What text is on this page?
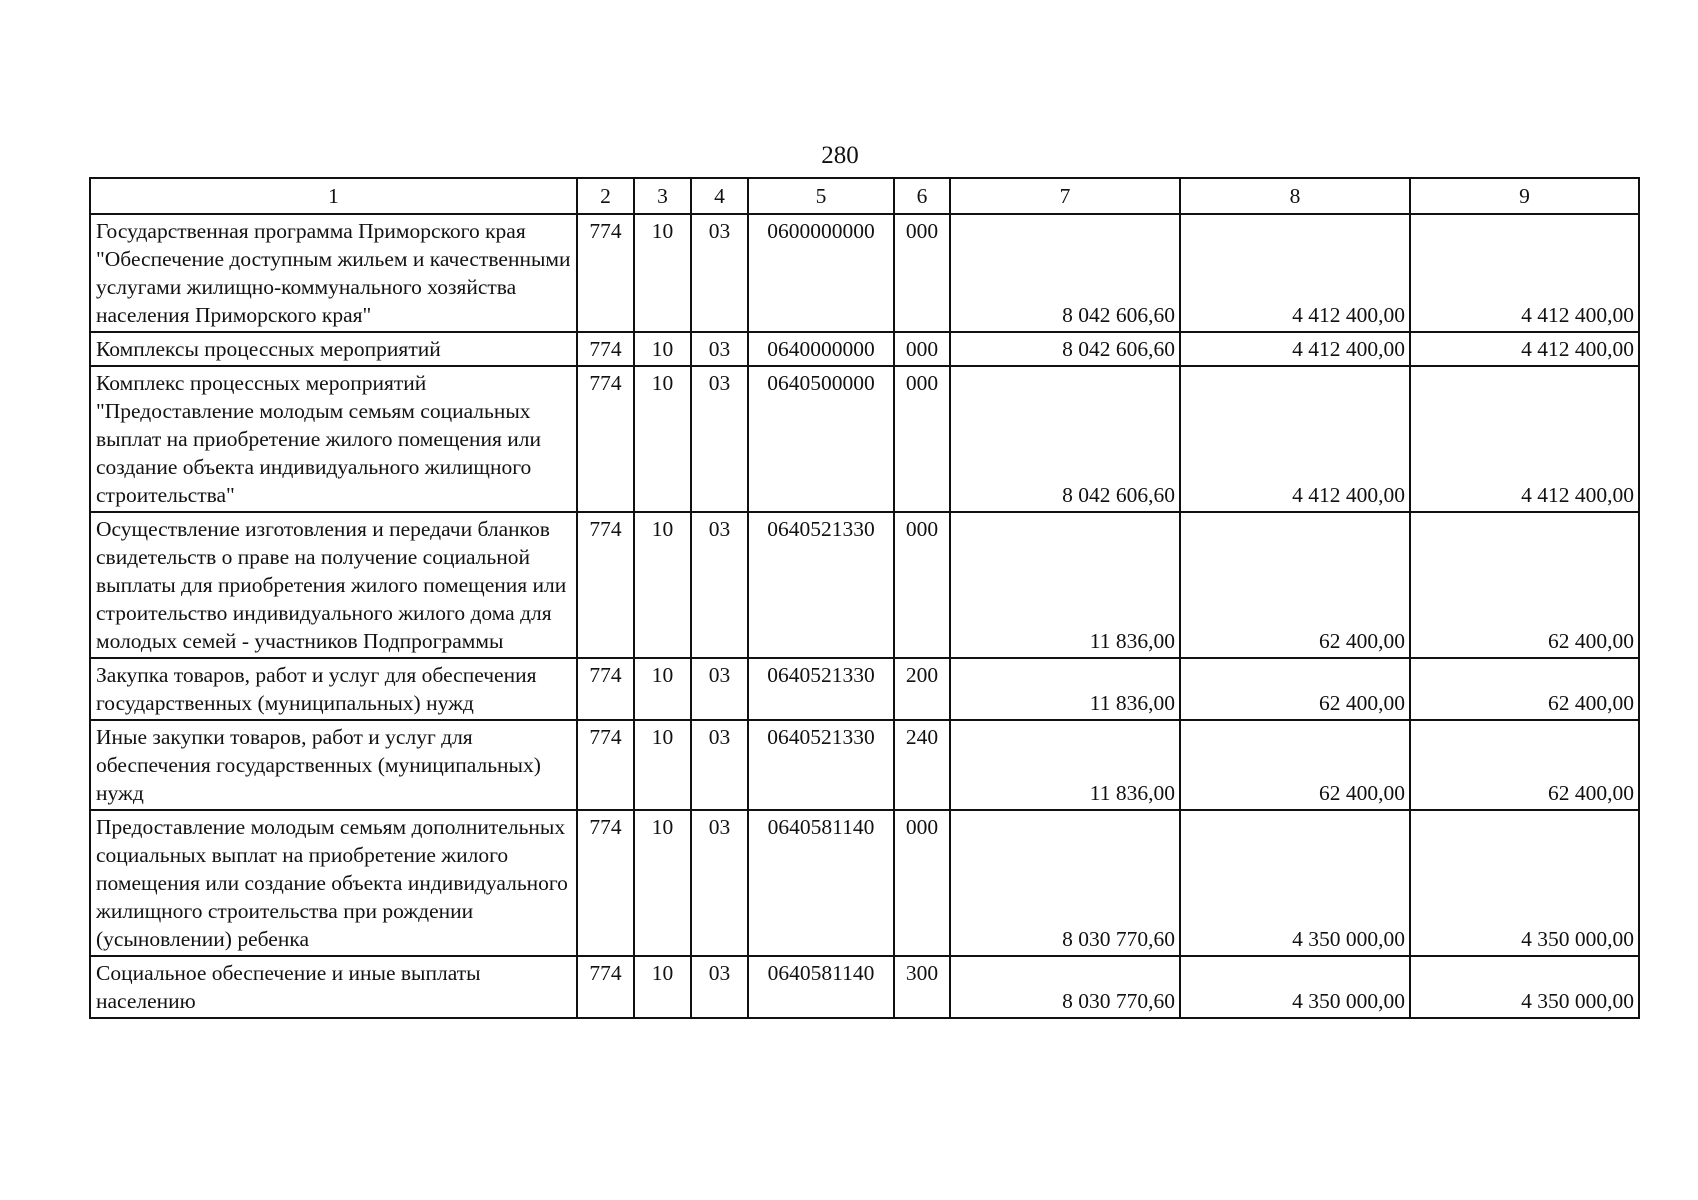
280
1	2	3	4	5	6	7	8	9
Государственная программа Приморского края "Обеспечение доступным жильем и качественными услугами жилищно-коммунального хозяйства населения Приморского края"	774	10	03	0600000000	000	8 042 606,60	4 412 400,00	4 412 400,00
Комплексы процессных мероприятий	774	10	03	0640000000	000	8 042 606,60	4 412 400,00	4 412 400,00
Комплекс процессных мероприятий "Предоставление молодым семьям социальных выплат на приобретение жилого помещения или создание объекта индивидуального жилищного строительства"	774	10	03	0640500000	000	8 042 606,60	4 412 400,00	4 412 400,00
Осуществление изготовления и передачи бланков свидетельств о праве на получение социальной выплаты для приобретения жилого помещения или строительство индивидуального жилого дома для молодых семей - участников Подпрограммы	774	10	03	0640521330	000	11 836,00	62 400,00	62 400,00
Закупка товаров, работ и услуг для обеспечения государственных (муниципальных) нужд	774	10	03	0640521330	200	11 836,00	62 400,00	62 400,00
Иные закупки товаров, работ и услуг для обеспечения государственных (муниципальных) нужд	774	10	03	0640521330	240	11 836,00	62 400,00	62 400,00
Предоставление молодым семьям дополнительных социальных выплат на приобретение жилого помещения или создание объекта индивидуального жилищного строительства при рождении (усыновлении) ребенка	774	10	03	0640581140	000	8 030 770,60	4 350 000,00	4 350 000,00
Социальное обеспечение и иные выплаты населению	774	10	03	0640581140	300	8 030 770,60	4 350 000,00	4 350 000,00
